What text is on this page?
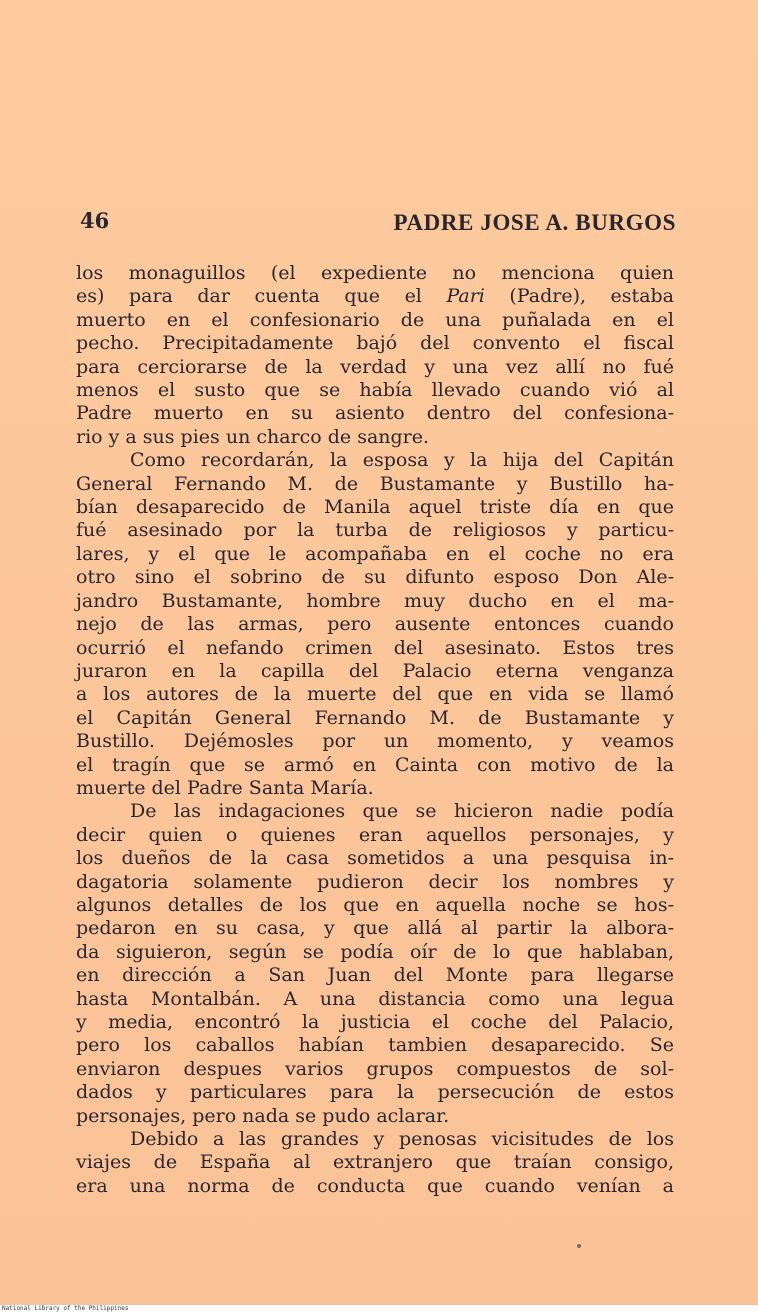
46	PADRE JOSE A. BURGOS
los monaguillos (el expediente no menciona quien
es) para dar cuenta que el Pari (Padre), estaba
muerto en el confesionario de una puñalada en el
pecho. Precipitadamente bajó del convento el fiscal
para cerciorarse de la verdad y una vez allí no fué
menos el susto que se había llevado cuando vió al
Padre muerto en su asiento dentro del confesiona-
rio y a sus pies un charco de sangre.
Como recordarán, la esposa y la hija del Capitán
General Fernando M. de Bustamante y Bustillo ha-
bían desaparecido de Manila aquel triste día en que
fué asesinado por la turba de religiosos y particu-
lares, y el que le acompañaba en el coche no era
otro sino el sobrino de su difunto esposo Don Ale-
jandro Bustamante, hombre muy ducho en el ma-
nejo de las armas, pero ausente entonces cuando
ocurrió el nefando crimen del asesinato. Estos tres
juraron en la capilla del Palacio eterna venganza
a los autores de la muerte del que en vida se llamó
el Capitán General Fernando M. de Bustamante y
Bustillo. Dejémosles por un momento, y veamos
el tragín que se armó en Cainta con motivo de la
muerte del Padre Santa María.
De las indagaciones que se hicieron nadie podía
decir quien o quienes eran aquellos personajes, y
los dueños de la casa sometidos a una pesquisa in-
dagatoria solamente pudieron decir los nombres y
algunos detalles de los que en aquella noche se hos-
pedaron en su casa, y que allá al partir la albora-
da siguieron, según se podía oír de lo que hablaban,
en dirección a San Juan del Monte para llegarse
hasta Montalbán. A una distancia como una legua
y media, encontró la justicia el coche del Palacio,
pero los caballos habían tambien desaparecido. Se
enviaron despues varios grupos compuestos de sol-
dados y particulares para la persecución de estos
personajes, pero nada se pudo aclarar.
Debido a las grandes y penosas vicisitudes de los
viajes de España al extranjero que traían consigo,
era una norma de conducta que cuando venían a
National Library of the Philippines
